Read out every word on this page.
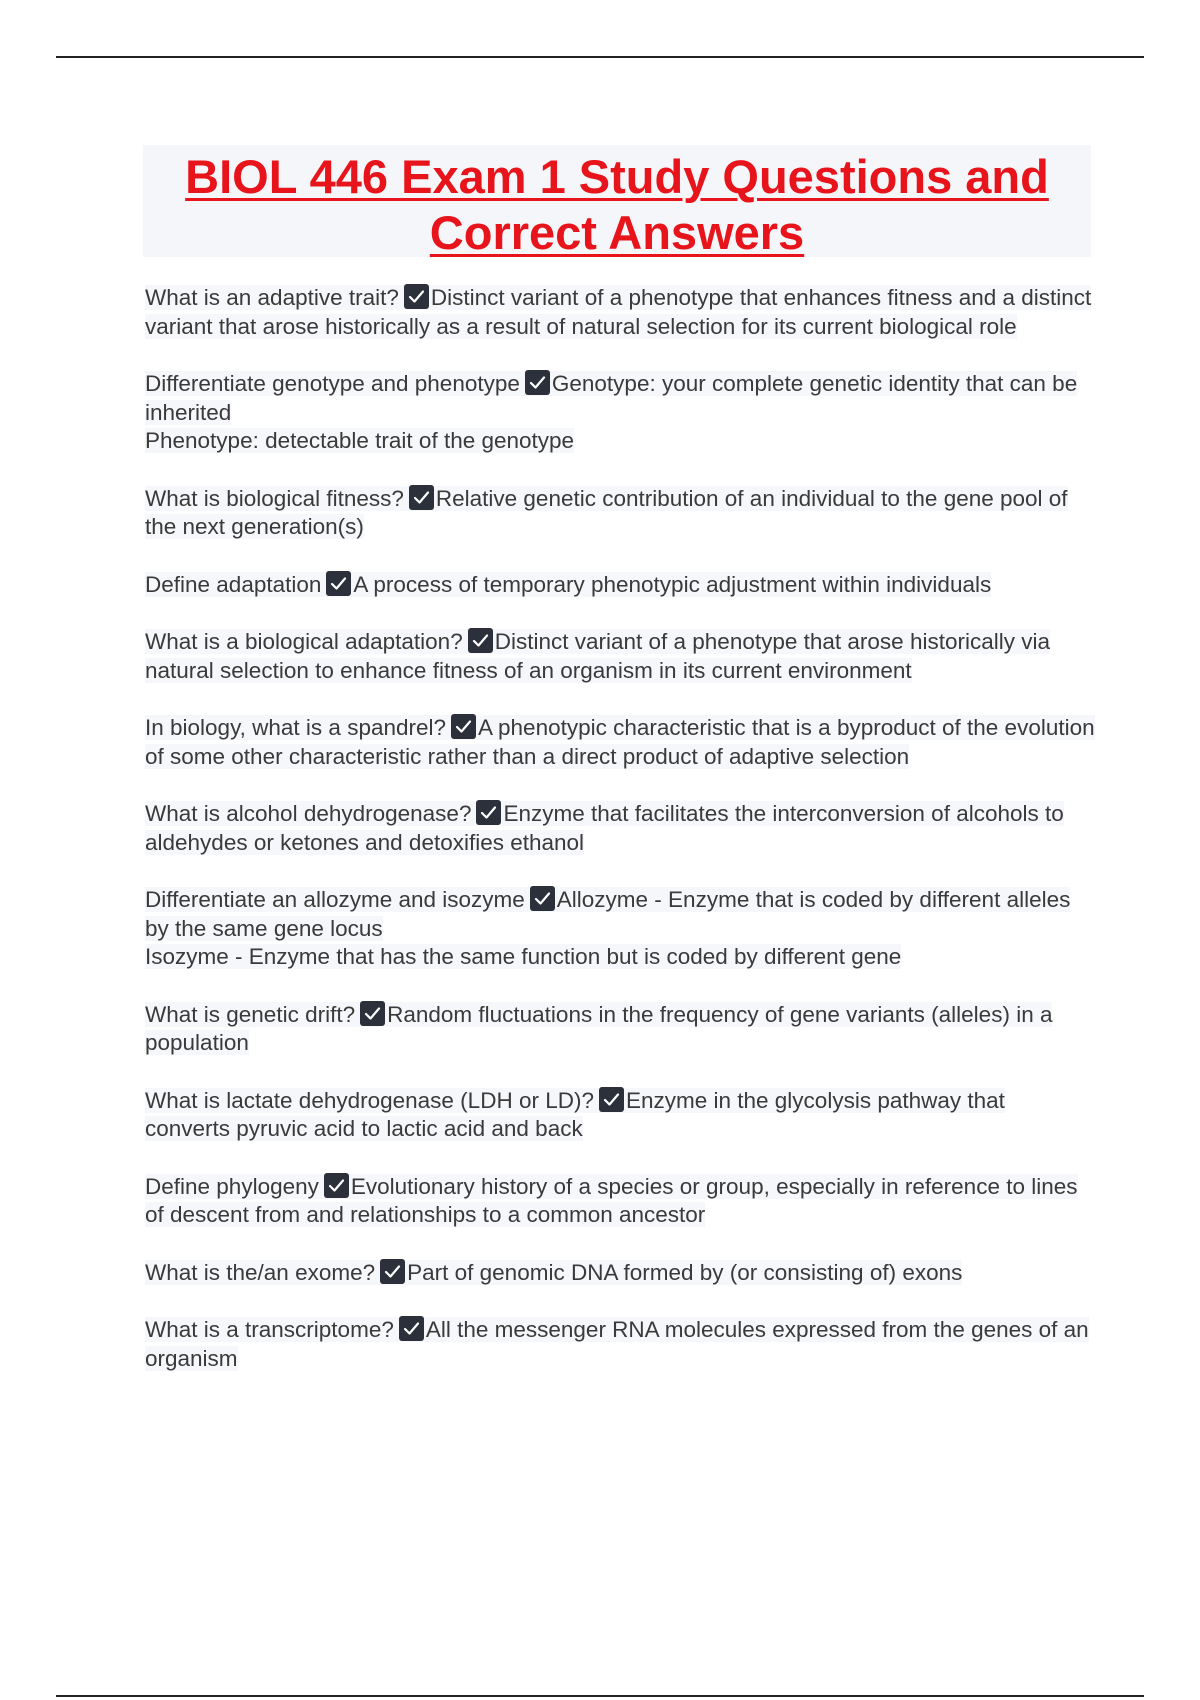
BIOL 446 Exam 1 Study Questions and
Correct Answers

What is an adaptive trait? Distinct variant of a phenotype that enhances fitness and a distinct variant that arose historically as a result of natural selection for its current biological role

Differentiate genotype and phenotype Genotype: your complete genetic identity that can be inherited
Phenotype: detectable trait of the genotype

What is biological fitness? Relative genetic contribution of an individual to the gene pool of the next generation(s)

Define adaptation A process of temporary phenotypic adjustment within individuals

What is a biological adaptation? Distinct variant of a phenotype that arose historically via natural selection to enhance fitness of an organism in its current environment

In biology, what is a spandrel? A phenotypic characteristic that is a byproduct of the evolution of some other characteristic rather than a direct product of adaptive selection

What is alcohol dehydrogenase? Enzyme that facilitates the interconversion of alcohols to aldehydes or ketones and detoxifies ethanol

Differentiate an allozyme and isozyme Allozyme - Enzyme that is coded by different alleles by the same gene locus
Isozyme - Enzyme that has the same function but is coded by different gene

What is genetic drift? Random fluctuations in the frequency of gene variants (alleles) in a population

What is lactate dehydrogenase (LDH or LD)? Enzyme in the glycolysis pathway that converts pyruvic acid to lactic acid and back

Define phylogeny Evolutionary history of a species or group, especially in reference to lines of descent from and relationships to a common ancestor

What is the/an exome? Part of genomic DNA formed by (or consisting of) exons

What is a transcriptome? All the messenger RNA molecules expressed from the genes of an organism
